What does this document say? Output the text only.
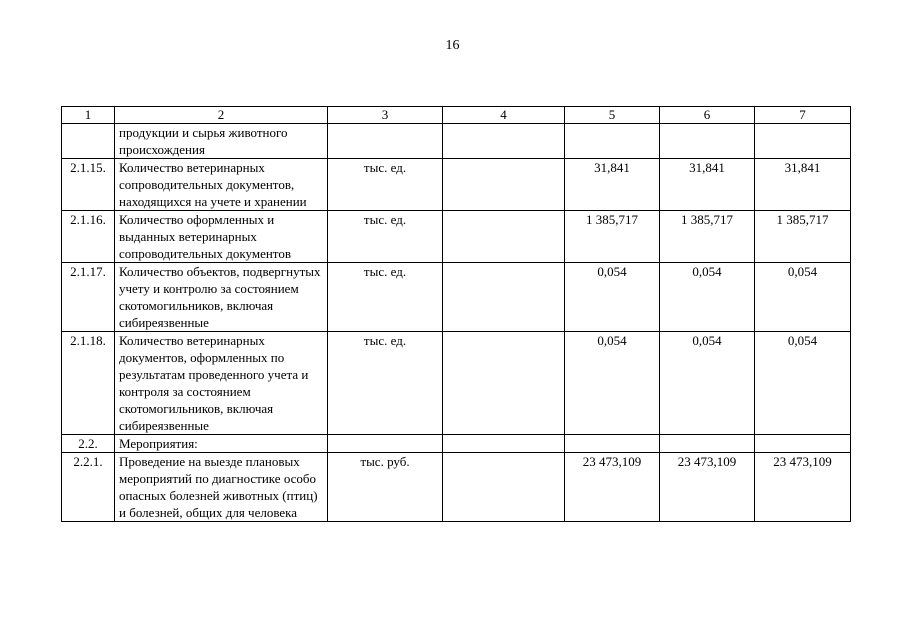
16
1	2	3	4	5	6	7
	продукции и сырья животного происхождения					
2.1.15.	Количество ветеринарных сопроводительных документов, находящихся на учете и хранении	тыс. ед.		31,841	31,841	31,841
2.1.16.	Количество оформленных и выданных ветеринарных сопроводительных документов	тыс. ед.		1 385,717	1 385,717	1 385,717
2.1.17.	Количество объектов, подвергнутых учету и контролю за состоянием скотомогильников, включая сибиреязвенные	тыс. ед.		0,054	0,054	0,054
2.1.18.	Количество ветеринарных документов, оформленных по результатам проведенного учета и контроля за состоянием скотомогильников, включая сибиреязвенные	тыс. ед.		0,054	0,054	0,054
2.2.	Мероприятия:					
2.2.1.	Проведение на выезде плановых мероприятий по диагностике особо опасных болезней животных (птиц) и болезней, общих для человека	тыс. руб.		23 473,109	23 473,109	23 473,109
